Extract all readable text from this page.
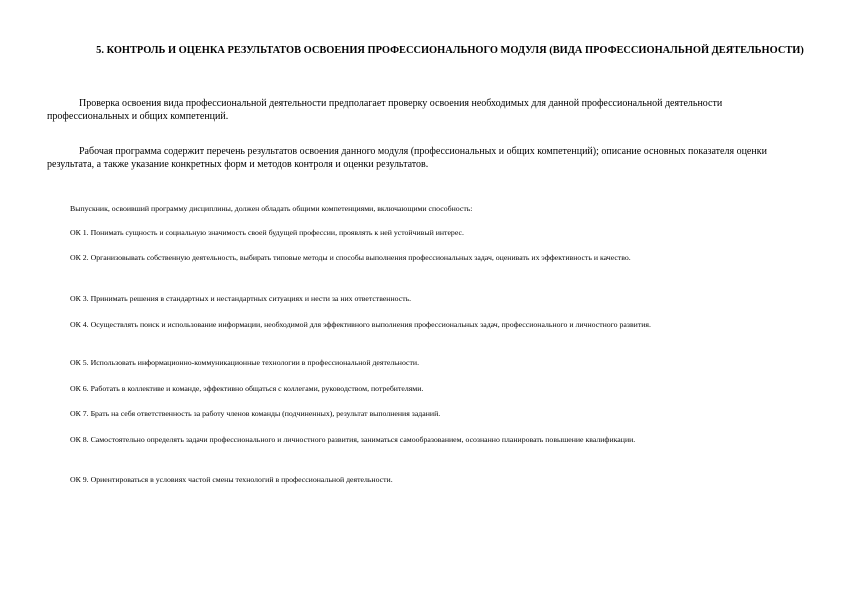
5. КОНТРОЛЬ И ОЦЕНКА РЕЗУЛЬТАТОВ ОСВОЕНИЯ ПРОФЕССИОНАЛЬНОГО МОДУЛЯ (ВИДА ПРОФЕССИОНАЛЬНОЙ ДЕЯТЕЛЬНОСТИ)

Проверка освоения вида профессиональной деятельности предполагает проверку освоения необходимых для данной профессиональной деятельности профессиональных и общих компетенций.

Рабочая программа содержит перечень результатов освоения данного модуля (профессиональных и общих компетенций); описание основных показателя оценки результата, а также указание конкретных форм и методов контроля и оценки результатов.

Выпускник, освоивший программу дисциплины, должен обладать общими компетенциями, включающими способность:

ОК 1. Понимать сущность и социальную значимость своей будущей профессии, проявлять к ней устойчивый интерес.

ОК 2. Организовывать собственную деятельность, выбирать типовые методы и способы выполнения профессиональных задач, оценивать их эффективность и качество.

ОК 3. Принимать решения в стандартных и нестандартных ситуациях и нести за них ответственность.

ОК 4. Осуществлять поиск и использование информации, необходимой для эффективного выполнения профессиональных задач, профессионального и личностного развития.

ОК 5. Использовать информационно-коммуникационные технологии в профессиональной деятельности.

ОК 6. Работать в коллективе и команде, эффективно общаться с коллегами, руководством, потребителями.

ОК 7. Брать на себя ответственность за работу членов команды (подчиненных), результат выполнения заданий.

ОК 8. Самостоятельно определять задачи профессионального и личностного развития, заниматься самообразованием, осознанно планировать повышение квалификации.

ОК 9. Ориентироваться в условиях частой смены технологий в профессиональной деятельности.
